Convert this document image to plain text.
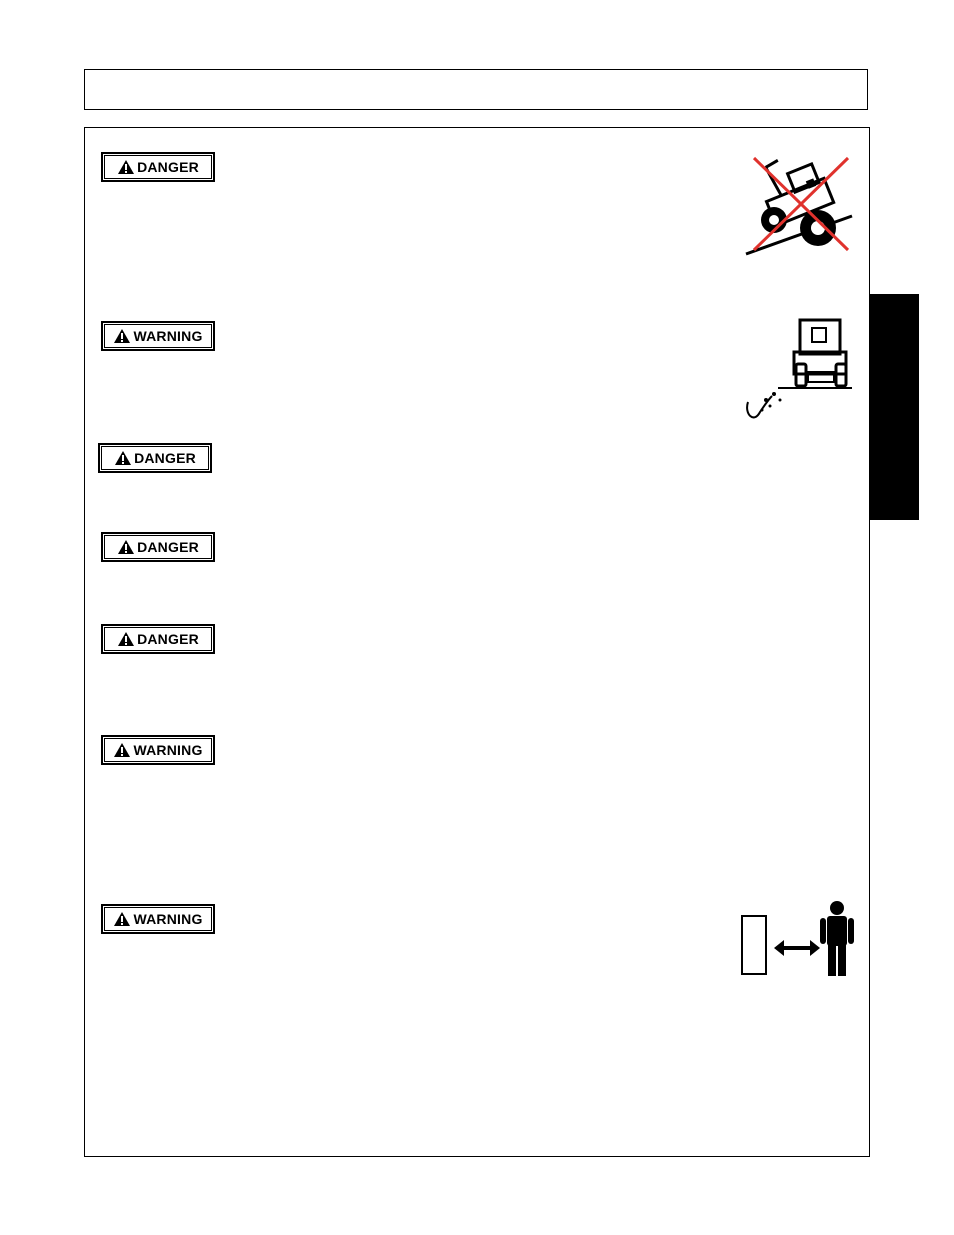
DANGER
WARNING
DANGER
DANGER
DANGER
WARNING
WARNING
